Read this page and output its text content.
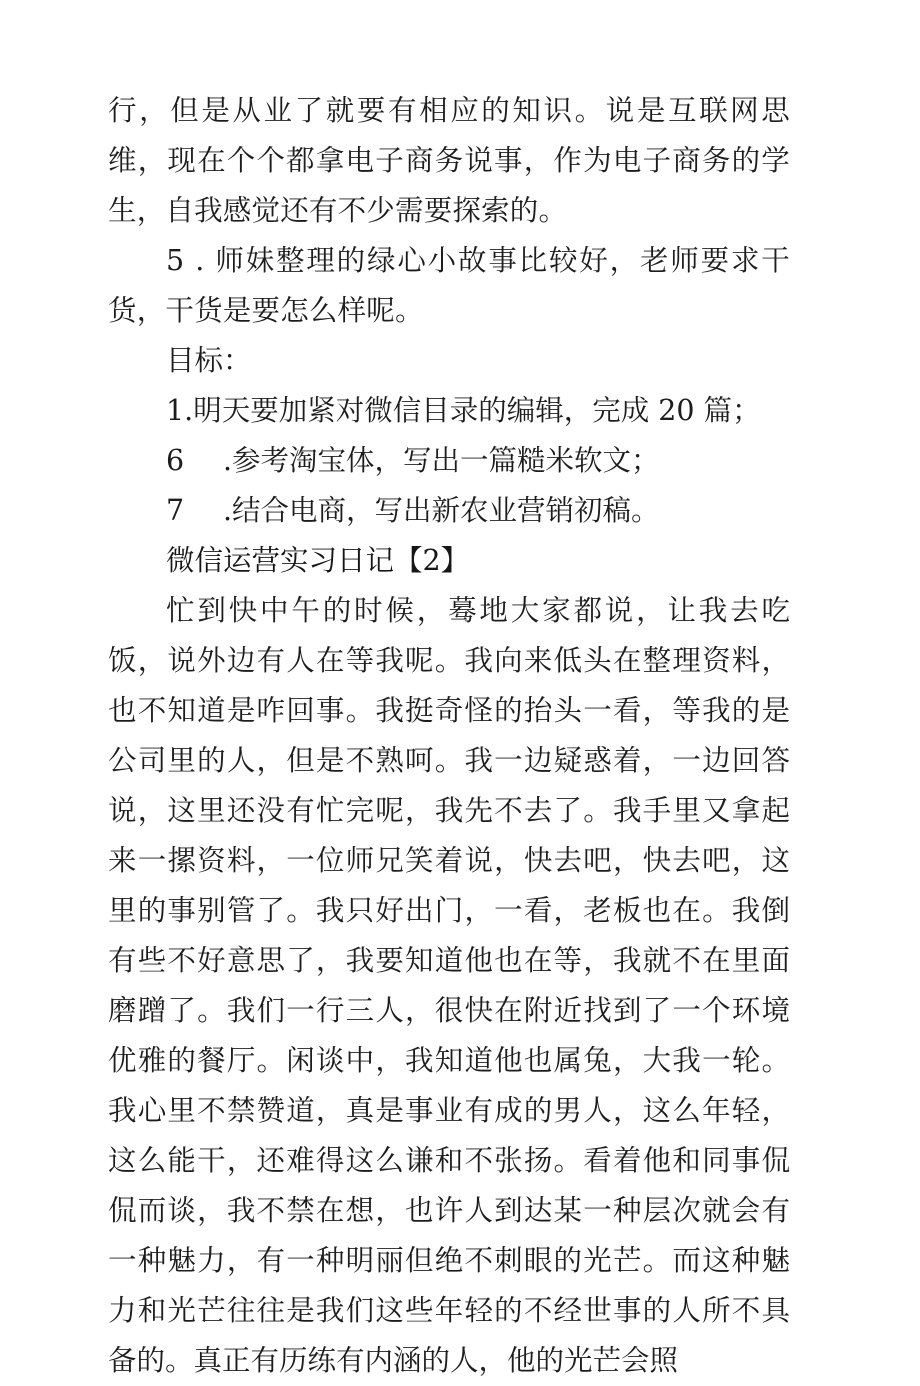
行，但是从业了就要有相应的知识。说是互联网思维，现在个个都拿电子商务说事，作为电子商务的学生，自我感觉还有不少需要探索的。

5 . 师妹整理的绿心小故事比较好，老师要求干货，干货是要怎么样呢。

目标：

1.明天要加紧对微信目录的编辑，完成 20 篇；

6 .参考淘宝体，写出一篇糙米软文；

7 .结合电商，写出新农业营销初稿。

微信运营实习日记【2】

忙到快中午的时候，蓦地大家都说，让我去吃饭，说外边有人在等我呢。我向来低头在整理资料，也不知道是咋回事。我挺奇怪的抬头一看，等我的是公司里的人，但是不熟呵。我一边疑惑着，一边回答说，这里还没有忙完呢，我先不去了。我手里又拿起来一摞资料，一位师兄笑着说，快去吧，快去吧，这里的事别管了。我只好出门，一看，老板也在。我倒有些不好意思了，我要知道他也在等，我就不在里面磨蹭了。我们一行三人，很快在附近找到了一个环境优雅的餐厅。闲谈中，我知道他也属兔，大我一轮。我心里不禁赞道，真是事业有成的男人，这么年轻，这么能干，还难得这么谦和不张扬。看着他和同事侃侃而谈，我不禁在想，也许人到达某一种层次就会有一种魅力，有一种明丽但绝不刺眼的光芒。而这种魅力和光芒往往是我们这些年轻的不经世事的人所不具备的。真正有历练有内涵的人，他的光芒会照
